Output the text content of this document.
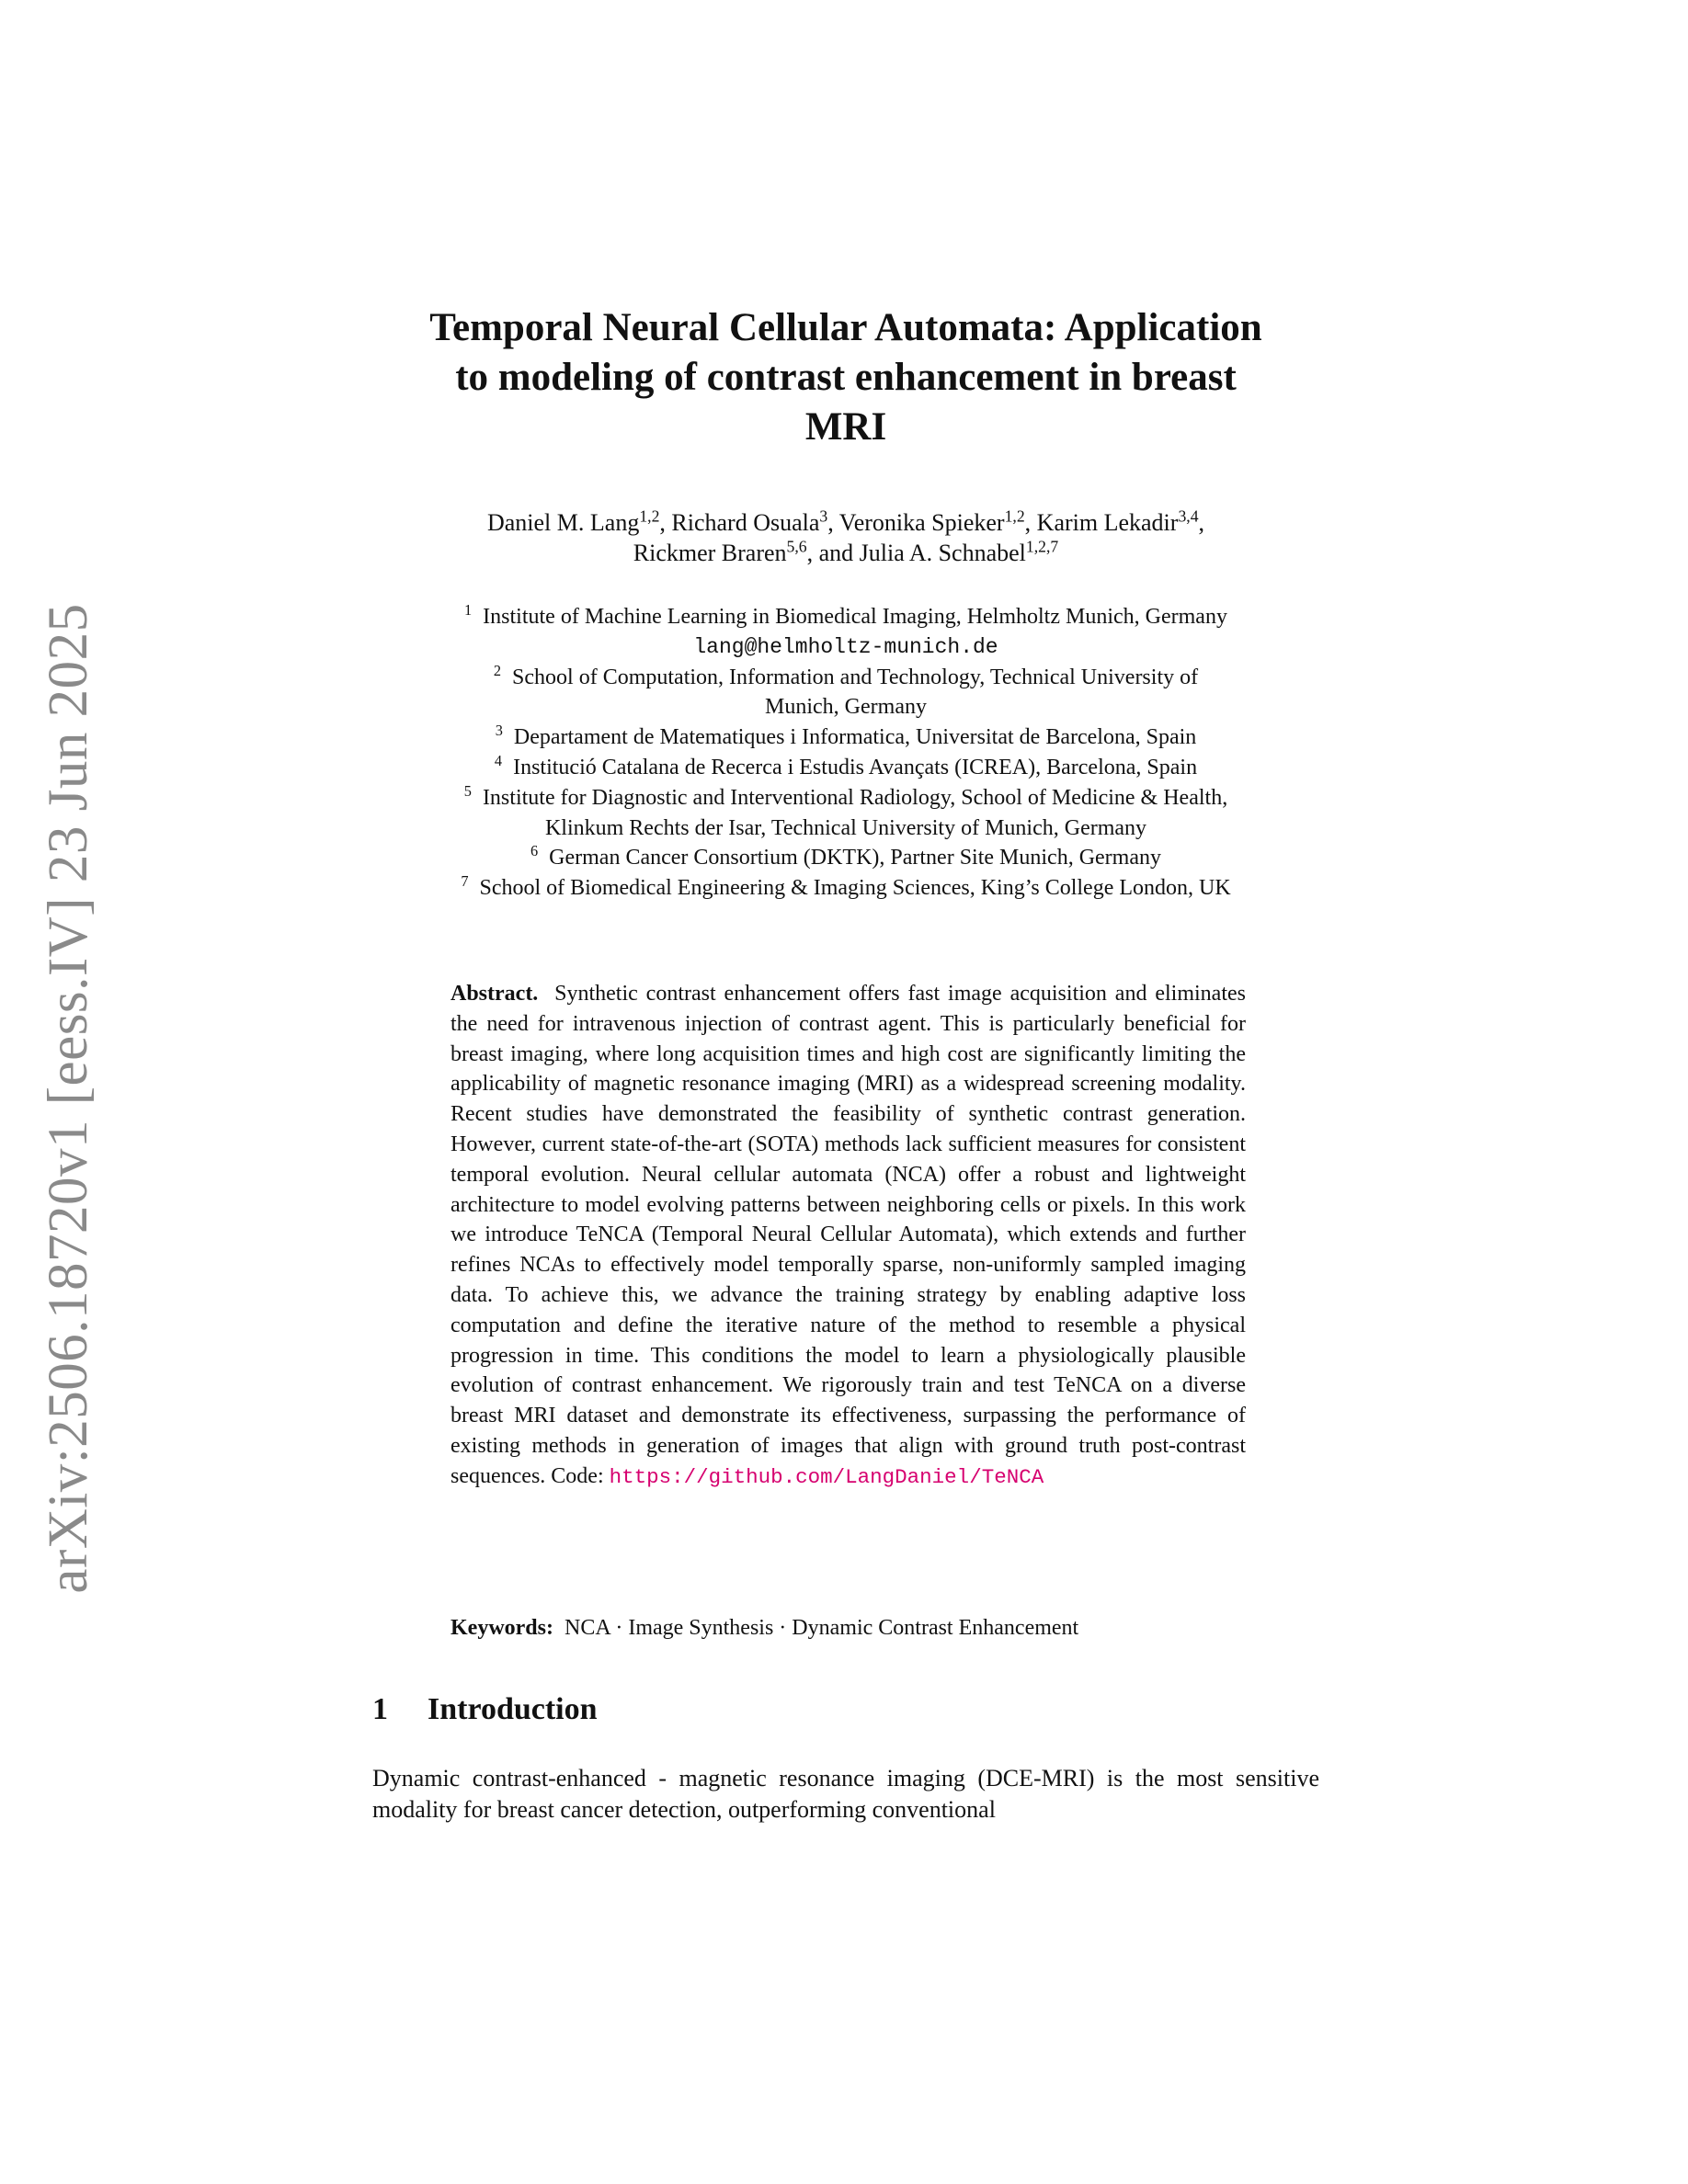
arXiv:2506.18720v1 [eess.IV] 23 Jun 2025
Temporal Neural Cellular Automata: Application
to modeling of contrast enhancement in breast
MRI
Daniel M. Lang$^{1,2}$, Richard Osuala$^3$, Veronika Spieker$^{1,2}$, Karim Lekadir$^{3,4}$,
Rickmer Braren$^{5,6}$, and Julia A. Schnabel$^{1,2,7}$
$^1$ Institute of Machine Learning in Biomedical Imaging, Helmholtz Munich, Germany
lang@helmholtz-munich.de
$^2$ School of Computation, Information and Technology, Technical University of
Munich, Germany
$^3$ Departament de Matematiques i Informatica, Universitat de Barcelona, Spain
$^4$ Institució Catalana de Recerca i Estudis Avançats (ICREA), Barcelona, Spain
$^5$ Institute for Diagnostic and Interventional Radiology, School of Medicine & Health,
Klinkum Rechts der Isar, Technical University of Munich, Germany
$^6$ German Cancer Consortium (DKTK), Partner Site Munich, Germany
$^7$ School of Biomedical Engineering & Imaging Sciences, King’s College London, UK
Abstract. Synthetic contrast enhancement offers fast image acquisition and eliminates the need for intravenous injection of contrast agent. This is particularly beneficial for breast imaging, where long acquisition times and high cost are significantly limiting the applicability of magnetic resonance imaging (MRI) as a widespread screening modality. Recent studies have demonstrated the feasibility of synthetic contrast generation. However, current state-of-the-art (SOTA) methods lack sufficient measures for consistent temporal evolution. Neural cellular automata (NCA) offer a robust and lightweight architecture to model evolving patterns between neighboring cells or pixels. In this work we introduce TeNCA (Temporal Neural Cellular Automata), which extends and further refines NCAs to effectively model temporally sparse, non-uniformly sampled imaging data. To achieve this, we advance the training strategy by enabling adaptive loss computation and define the iterative nature of the method to resemble a physical progression in time. This conditions the model to learn a physiologically plausible evolution of contrast enhancement. We rigorously train and test TeNCA on a diverse breast MRI dataset and demonstrate its effectiveness, surpassing the performance of existing methods in generation of images that align with ground truth post-contrast sequences. Code: https://github.com/LangDaniel/TeNCA
Keywords: NCA · Image Synthesis · Dynamic Contrast Enhancement
1 Introduction
Dynamic contrast-enhanced - magnetic resonance imaging (DCE-MRI) is the most sensitive modality for breast cancer detection, outperforming conventional
